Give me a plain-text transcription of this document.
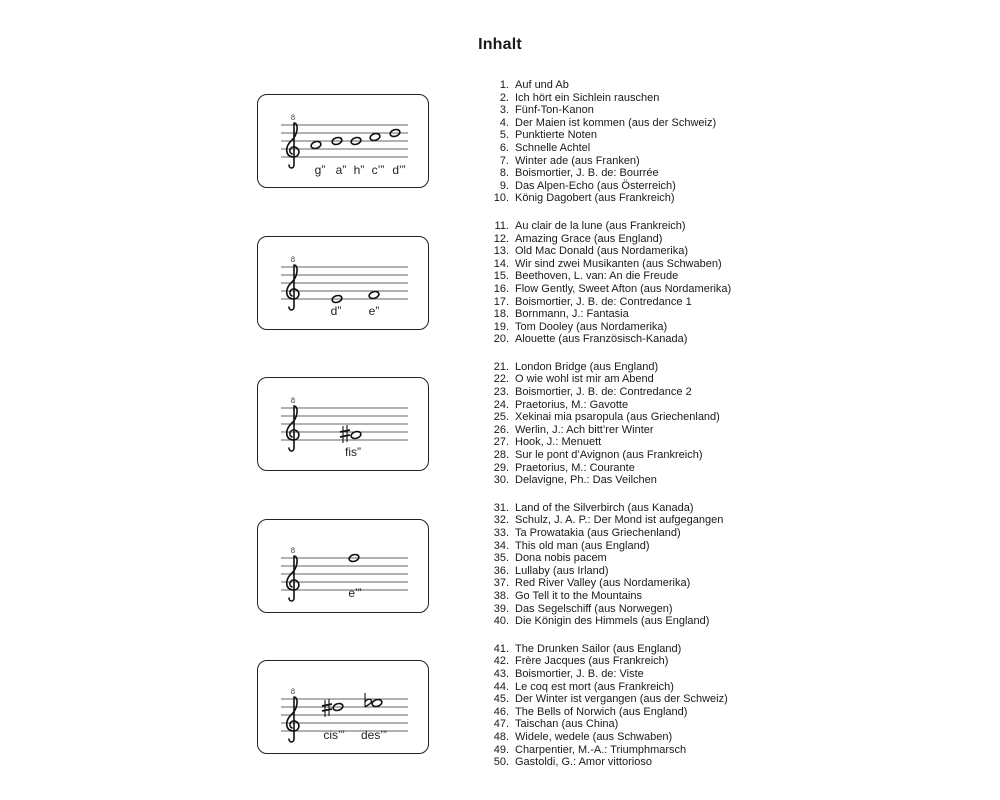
Inhalt
8
g” a” h” c’” d’”
8
d” e”
8
fis”
8
e’”
8
cis’” des’”
1. Auf und Ab
2. Ich hört ein Sichlein rauschen
3. Fünf-Ton-Kanon
4. Der Maien ist kommen (aus der Schweiz)
5. Punktierte Noten
6. Schnelle Achtel
7. Winter ade (aus Franken)
8. Boismortier, J. B. de: Bourrée
9. Das Alpen-Echo (aus Österreich)
10. König Dagobert (aus Frankreich)
11. Au clair de la lune (aus Frankreich)
12. Amazing Grace (aus England)
13. Old Mac Donald (aus Nordamerika)
14. Wir sind zwei Musikanten (aus Schwaben)
15. Beethoven, L. van: An die Freude
16. Flow Gently, Sweet Afton (aus Nordamerika)
17. Boismortier, J. B. de: Contredance 1
18. Bornmann, J.: Fantasia
19. Tom Dooley (aus Nordamerika)
20. Alouette (aus Französisch-Kanada)
21. London Bridge (aus England)
22. O wie wohl ist mir am Abend
23. Boismortier, J. B. de: Contredance 2
24. Praetorius, M.: Gavotte
25. Xekinai mia psaropula (aus Griechenland)
26. Werlin, J.: Ach bitt’rer Winter
27. Hook, J.: Menuett
28. Sur le pont d’Avignon (aus Frankreich)
29. Praetorius, M.: Courante
30. Delavigne, Ph.: Das Veilchen
31. Land of the Silverbirch (aus Kanada)
32. Schulz, J. A. P.: Der Mond ist aufgegangen
33. Ta Prowatakia (aus Griechenland)
34. This old man (aus England)
35. Dona nobis pacem
36. Lullaby (aus Irland)
37. Red River Valley (aus Nordamerika)
38. Go Tell it to the Mountains
39. Das Segelschiff (aus Norwegen)
40. Die Königin des Himmels (aus England)
41. The Drunken Sailor (aus England)
42. Frère Jacques (aus Frankreich)
43. Boismortier, J. B. de: Viste
44. Le coq est mort (aus Frankreich)
45. Der Winter ist vergangen (aus der Schweiz)
46. The Bells of Norwich (aus England)
47. Taischan (aus China)
48. Widele, wedele (aus Schwaben)
49. Charpentier, M.-A.: Triumphmarsch
50. Gastoldi, G.: Amor vittorioso
